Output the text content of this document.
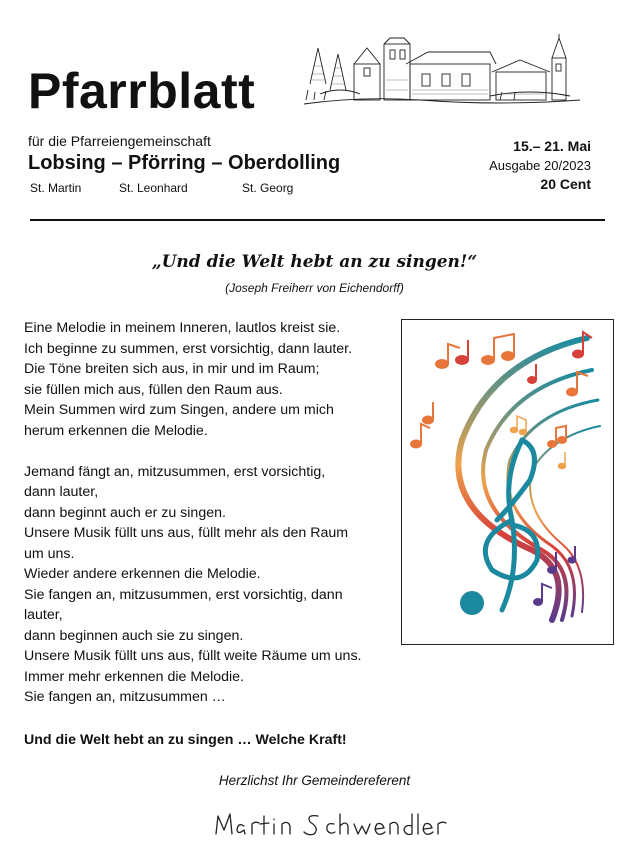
Pfarrblatt
für die Pfarreiengemeinschaft
Lobsing – Pförring – Oberdolling
St. Martin	St. Leonhard	St. Georg
15.– 21. Mai
Ausgabe 20/2023
20 Cent
„Und die Welt hebt an zu singen!“
(Joseph Freiherr von Eichendorff)

Eine Melodie in meinem Inneren, lautlos kreist sie.

Ich beginne zu summen, erst vorsichtig, dann lauter.

Die Töne breiten sich aus, in mir und im Raum;

sie füllen mich aus, füllen den Raum aus.

Mein Summen wird zum Singen, andere um mich

herum erkennen die Melodie.

Jemand fängt an, mitzusummen, erst vorsichtig,

dann lauter,

dann beginnt auch er zu singen.

Unsere Musik füllt uns aus, füllt mehr als den Raum

um uns.

Wieder andere erkennen die Melodie.

Sie fangen an, mitzusummen, erst vorsichtig, dann

lauter,

dann beginnen auch sie zu singen.

Unsere Musik füllt uns aus, füllt weite Räume um uns.

Immer mehr erkennen die Melodie.

Sie fangen an, mitzusummen …

Und die Welt hebt an zu singen … Welche Kraft!
Herzlichst Ihr Gemeindereferent
